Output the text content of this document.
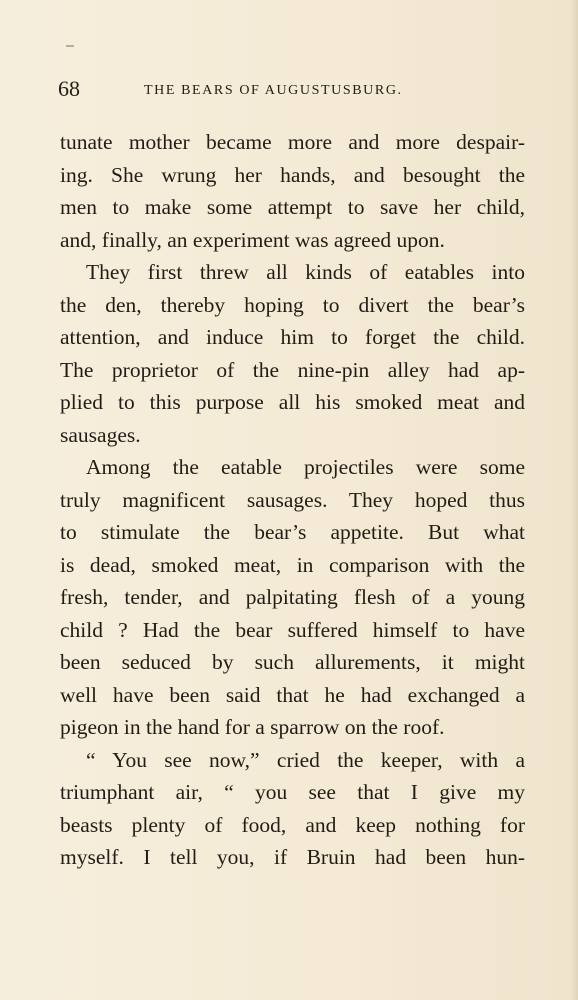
68	THE BEARS OF AUGUSTUSBURG.
tunate mother became more and more despair-
ing. She wrung her hands, and besought the
men to make some attempt to save her child,
and, finally, an experiment was agreed upon.
They first threw all kinds of eatables into
the den, thereby hoping to divert the bear’s
attention, and induce him to forget the child.
The proprietor of the nine-pin alley had ap-
plied to this purpose all his smoked meat and
sausages.
Among the eatable projectiles were some
truly magnificent sausages. They hoped thus
to stimulate the bear’s appetite. But what
is dead, smoked meat, in comparison with the
fresh, tender, and palpitating flesh of a young
child ? Had the bear suffered himself to have
been seduced by such allurements, it might
well have been said that he had exchanged a
pigeon in the hand for a sparrow on the roof.
“ You see now,” cried the keeper, with a
triumphant air, “ you see that I give my
beasts plenty of food, and keep nothing for
myself. I tell you, if Bruin had been hun-
